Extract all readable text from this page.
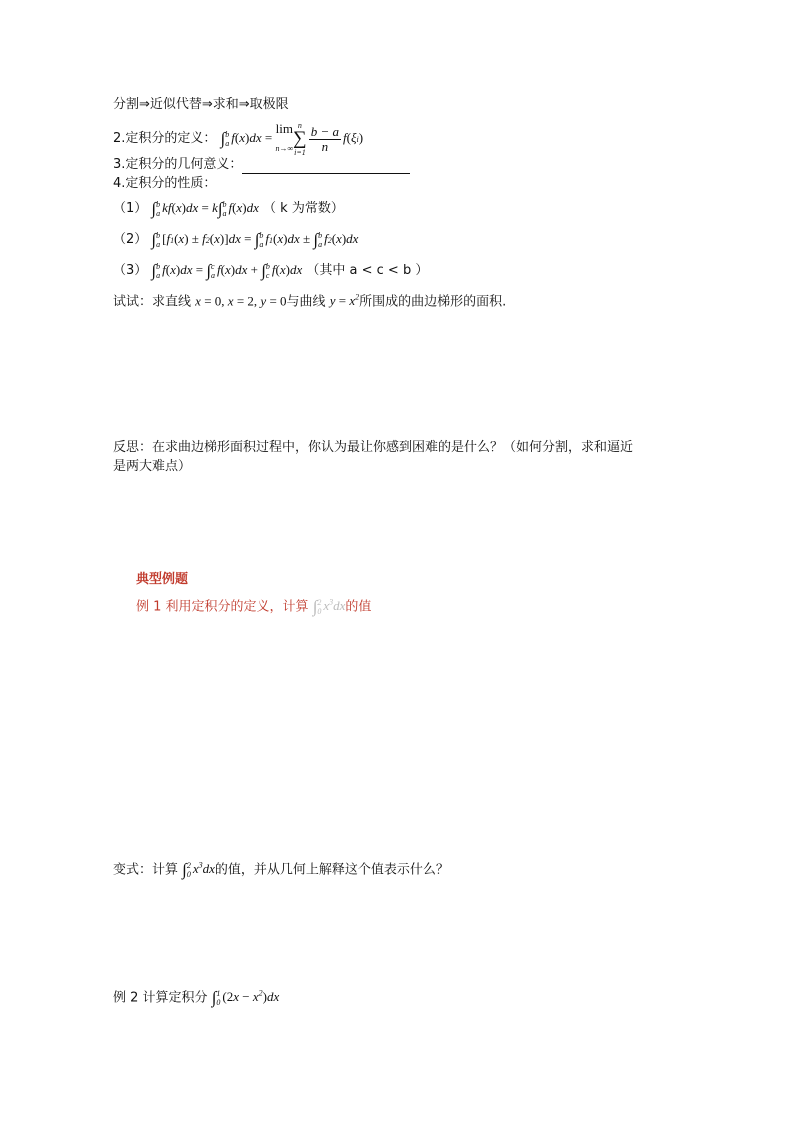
分割⇒近似代替⇒求和⇒取极限
2.定积分的定义： ∫b
a f(x)dx = lim
n→∞n
∑
$i=1 \frac{b - a}{n} f(\xi i)$
3.定积分的几何意义：
4.定积分的性质：
（1） ∫b
a kf(x)dx = k∫b
a f(x)dx （ k 为常数）
（2） ∫b
a [f1(x) ± f2(x)]dx = ∫b
a f1(x)dx ± ∫b
a f2(x)dx
（3） ∫b
a f(x)dx = ∫c
a f(x)dx + ∫b
c f(x)dx （其中 a < c < b ）
试试：求直线 x = 0, x = 2, y = 0与曲线 $y = x^2$所围成的曲边梯形的面积.
反思：在求曲边梯形面积过程中，你认为最让你感到困难的是什么？（如何分割，求和逼近
是两大难点）
典型例题
例 1 利用定积分的定义，计算 ∫2
0 $x^3dx$的值
变式：计算 ∫2
0 $x^3dx$的值，并从几何上解释这个值表示什么？
例 2 计算定积分 ∫1
0 $(2x - x^2)dx$
